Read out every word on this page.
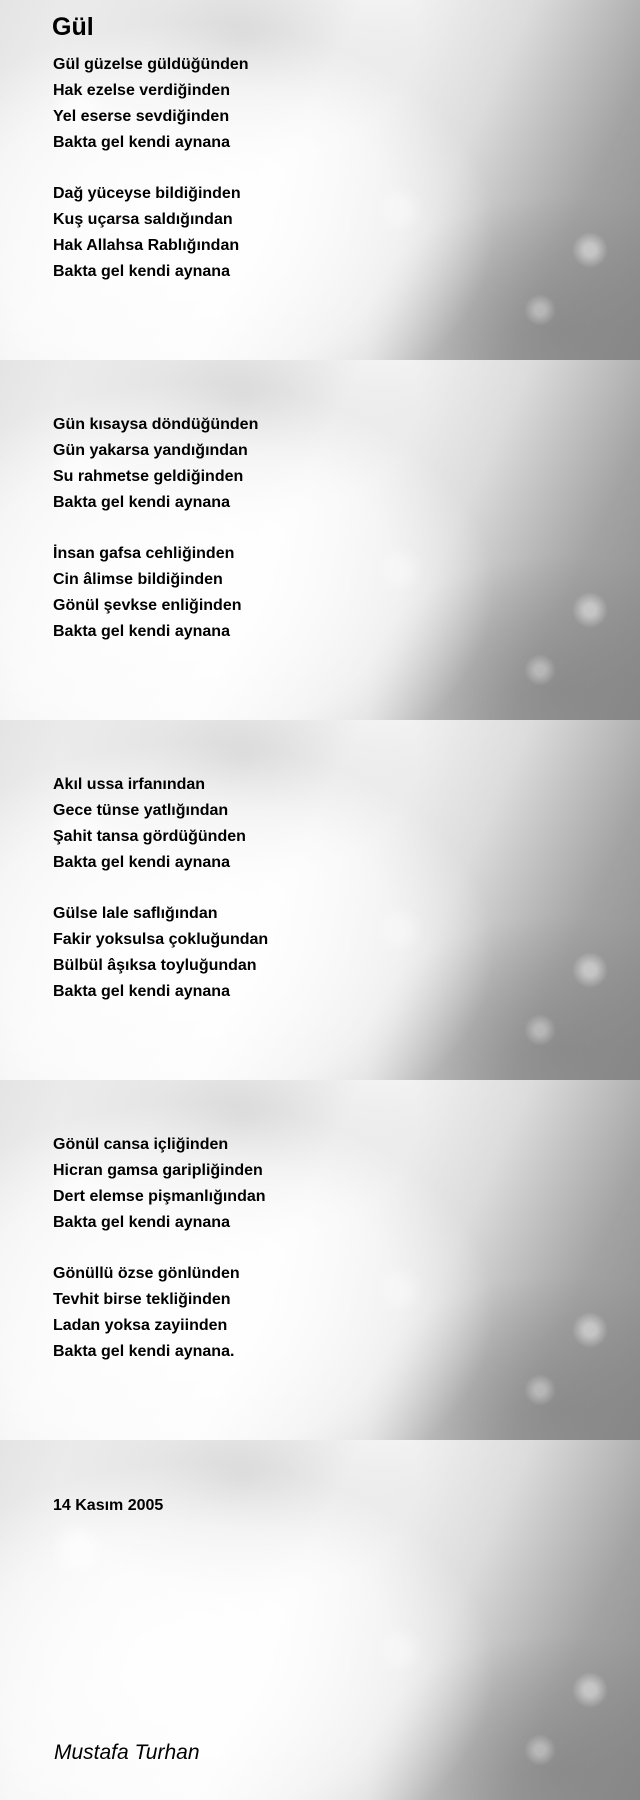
Gül
Gül güzelse güldüğünden
Hak ezelse verdiğinden
Yel eserse sevdiğinden
Bakta gel kendi aynana
Dağ yüceyse bildiğinden
Kuş uçarsa saldığından
Hak Allahsa Rablığından
Bakta gel kendi aynana
Gün kısaysa döndüğünden
Gün yakarsa yandığından
Su rahmetse geldiğinden
Bakta gel kendi aynana
İnsan gafsa cehliğinden
Cin âlimse bildiğinden
Gönül şevkse enliğinden
Bakta gel kendi aynana
Akıl ussa irfanından
Gece tünse yatlığından
Şahit tansa gördüğünden
Bakta gel kendi aynana
Gülse lale saflığından
Fakir yoksulsa çokluğundan
Bülbül âşıksa toyluğundan
Bakta gel kendi aynana
Gönül cansa içliğinden
Hicran gamsa garipliğinden
Dert elemse pişmanlığından
Bakta gel kendi aynana
Gönüllü özse gönlünden
Tevhit birse tekliğinden
Ladan yoksa zayiinden
Bakta gel kendi aynana.
14 Kasım 2005
Mustafa Turhan
